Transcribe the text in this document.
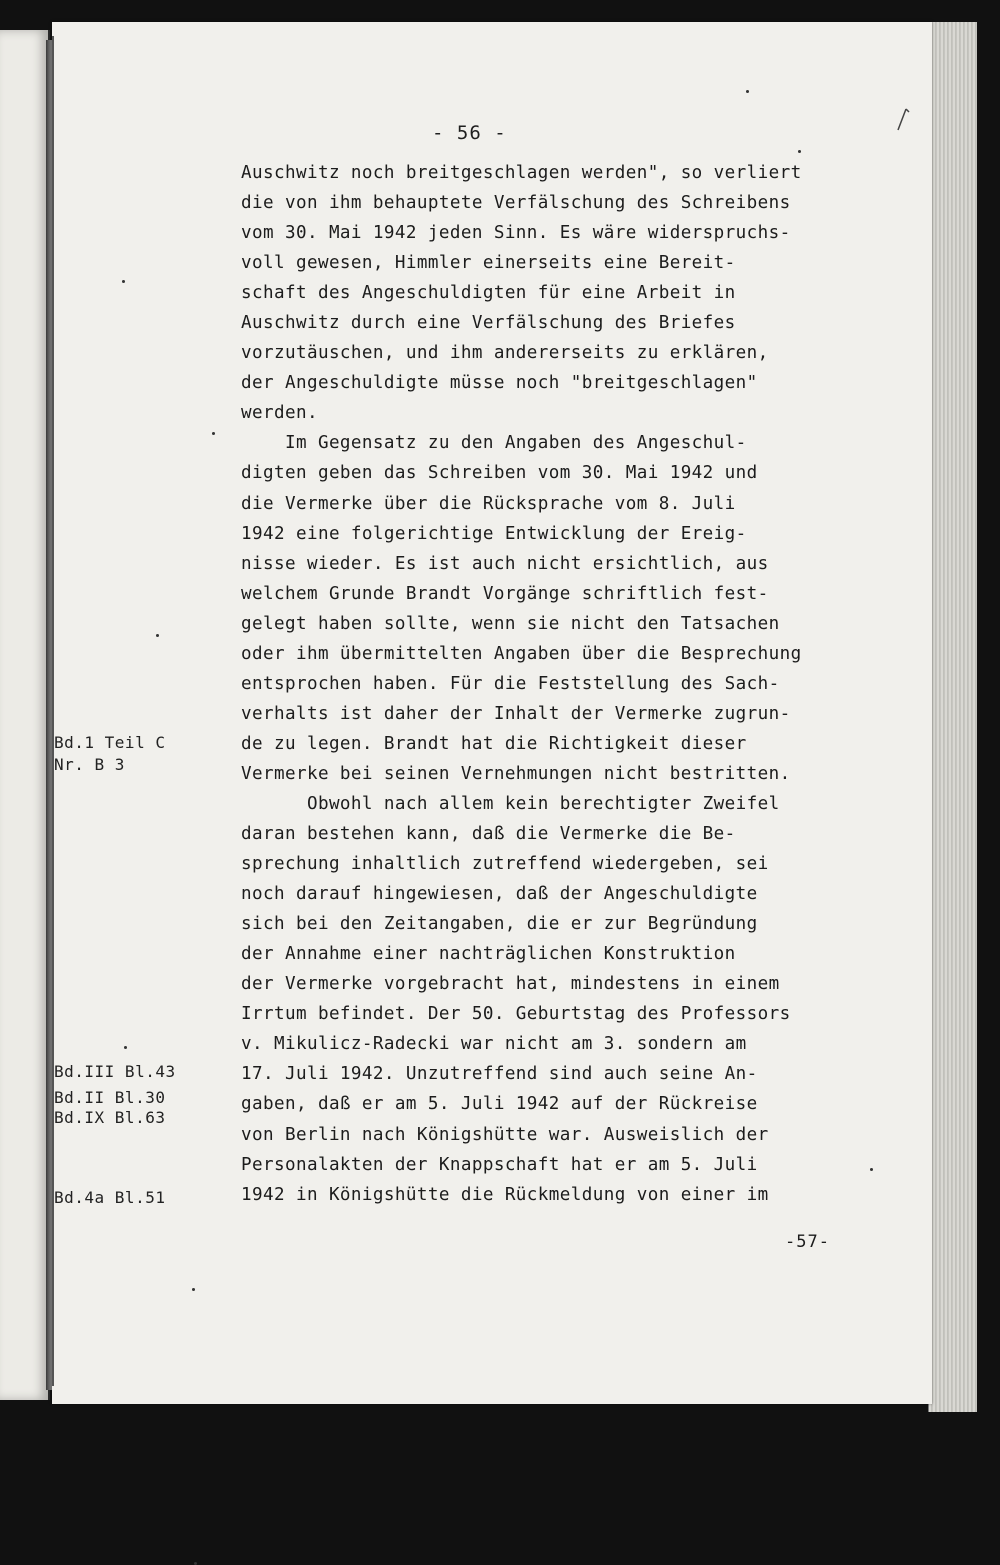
- 56 -
Auschwitz noch breitgeschlagen werden", so verliert
die von ihm behauptete Verfälschung des Schreibens
vom 30. Mai 1942 jeden Sinn. Es wäre widerspruchs-
voll gewesen, Himmler einerseits eine Bereit-
schaft des Angeschuldigten für eine Arbeit in
Auschwitz durch eine Verfälschung des Briefes
vorzutäuschen, und ihm andererseits zu erklären,
der Angeschuldigte müsse noch "breitgeschlagen"
werden.
Im Gegensatz zu den Angaben des Angeschul-
digten geben das Schreiben vom 30. Mai 1942 und
die Vermerke über die Rücksprache vom 8. Juli
1942 eine folgerichtige Entwicklung der Ereig-
nisse wieder. Es ist auch nicht ersichtlich, aus
welchem Grunde Brandt Vorgänge schriftlich fest-
gelegt haben sollte, wenn sie nicht den Tatsachen
oder ihm übermittelten Angaben über die Besprechung
entsprochen haben. Für die Feststellung des Sach-
verhalts ist daher der Inhalt der Vermerke zugrun-
de zu legen. Brandt hat die Richtigkeit dieser
Vermerke bei seinen Vernehmungen nicht bestritten.
Obwohl nach allem kein berechtigter Zweifel
daran bestehen kann, daß die Vermerke die Be-
sprechung inhaltlich zutreffend wiedergeben, sei
noch darauf hingewiesen, daß der Angeschuldigte
sich bei den Zeitangaben, die er zur Begründung
der Annahme einer nachträglichen Konstruktion
der Vermerke vorgebracht hat, mindestens in einem
Irrtum befindet. Der 50. Geburtstag des Professors
v. Mikulicz-Radecki war nicht am 3. sondern am
17. Juli 1942. Unzutreffend sind auch seine An-
gaben, daß er am 5. Juli 1942 auf der Rückreise
von Berlin nach Königshütte war. Ausweislich der
Personalakten der Knappschaft hat er am 5. Juli
1942 in Königshütte die Rückmeldung von einer im
Bd.1 Teil C
Nr. B 3
Bd.III Bl.43
Bd.II Bl.30
Bd.IX Bl.63
Bd.4a Bl.51
-57-
